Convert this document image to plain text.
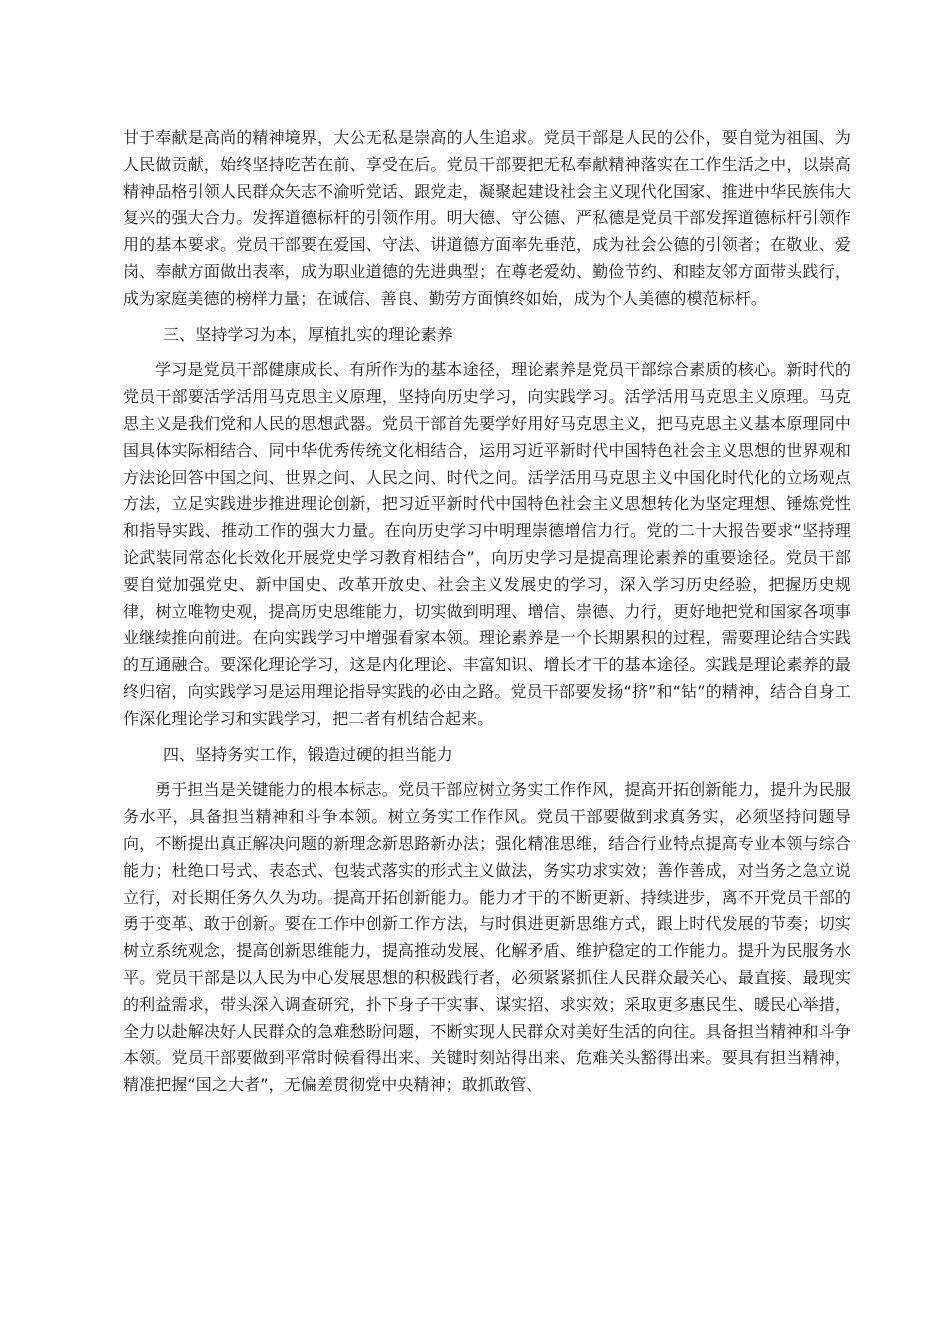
甘于奉献是高尚的精神境界，大公无私是崇高的人生追求。党员干部是人民的公仆，要自觉为祖国、为人民做贡献，始终坚持吃苦在前、享受在后。党员干部要把无私奉献精神落实在工作生活之中，以崇高精神品格引领人民群众矢志不渝听党话、跟党走，凝聚起建设社会主义现代化国家、推进中华民族伟大复兴的强大合力。发挥道德标杆的引领作用。明大德、守公德、严私德是党员干部发挥道德标杆引领作用的基本要求。党员干部要在爱国、守法、讲道德方面率先垂范，成为社会公德的引领者；在敬业、爱岗、奉献方面做出表率，成为职业道德的先进典型；在尊老爱幼、勤俭节约、和睦友邻方面带头践行，成为家庭美德的榜样力量；在诚信、善良、勤劳方面慎终如始，成为个人美德的模范标杆。

三、坚持学习为本，厚植扎实的理论素养

学习是党员干部健康成长、有所作为的基本途径，理论素养是党员干部综合素质的核心。新时代的党员干部要活学活用马克思主义原理，坚持向历史学习，向实践学习。活学活用马克思主义原理。马克思主义是我们党和人民的思想武器。党员干部首先要学好用好马克思主义，把马克思主义基本原理同中国具体实际相结合、同中华优秀传统文化相结合，运用习近平新时代中国特色社会主义思想的世界观和方法论回答中国之问、世界之问、人民之问、时代之问。活学活用马克思主义中国化时代化的立场观点方法，立足实践进步推进理论创新，把习近平新时代中国特色社会主义思想转化为坚定理想、锤炼党性和指导实践、推动工作的强大力量。在向历史学习中明理崇德增信力行。党的二十大报告要求“坚持理论武装同常态化长效化开展党史学习教育相结合”，向历史学习是提高理论素养的重要途径。党员干部要自觉加强党史、新中国史、改革开放史、社会主义发展史的学习，深入学习历史经验，把握历史规律，树立唯物史观，提高历史思维能力，切实做到明理、增信、崇德、力行，更好地把党和国家各项事业继续推向前进。在向实践学习中增强看家本领。理论素养是一个长期累积的过程，需要理论结合实践的互通融合。要深化理论学习，这是内化理论、丰富知识、增长才干的基本途径。实践是理论素养的最终归宿，向实践学习是运用理论指导实践的必由之路。党员干部要发扬“挤”和“钻”的精神，结合自身工作深化理论学习和实践学习，把二者有机结合起来。

四、坚持务实工作，锻造过硬的担当能力

勇于担当是关键能力的根本标志。党员干部应树立务实工作作风，提高开拓创新能力，提升为民服务水平，具备担当精神和斗争本领。树立务实工作作风。党员干部要做到求真务实，必须坚持问题导向，不断提出真正解决问题的新理念新思路新办法；强化精准思维，结合行业特点提高专业本领与综合能力；杜绝口号式、表态式、包装式落实的形式主义做法，务实功求实效；善作善成，对当务之急立说立行，对长期任务久久为功。提高开拓创新能力。能力才干的不断更新、持续进步，离不开党员干部的勇于变革、敢于创新。要在工作中创新工作方法，与时俱进更新思维方式，跟上时代发展的节奏；切实树立系统观念，提高创新思维能力，提高推动发展、化解矛盾、维护稳定的工作能力。提升为民服务水平。党员干部是以人民为中心发展思想的积极践行者，必须紧紧抓住人民群众最关心、最直接、最现实的利益需求，带头深入调查研究，扑下身子干实事、谋实招、求实效；采取更多惠民生、暖民心举措，全力以赴解决好人民群众的急难愁盼问题，不断实现人民群众对美好生活的向往。具备担当精神和斗争本领。党员干部要做到平常时候看得出来、关键时刻站得出来、危难关头豁得出来。要具有担当精神，精准把握“国之大者”，无偏差贯彻党中央精神；敢抓敢管、
